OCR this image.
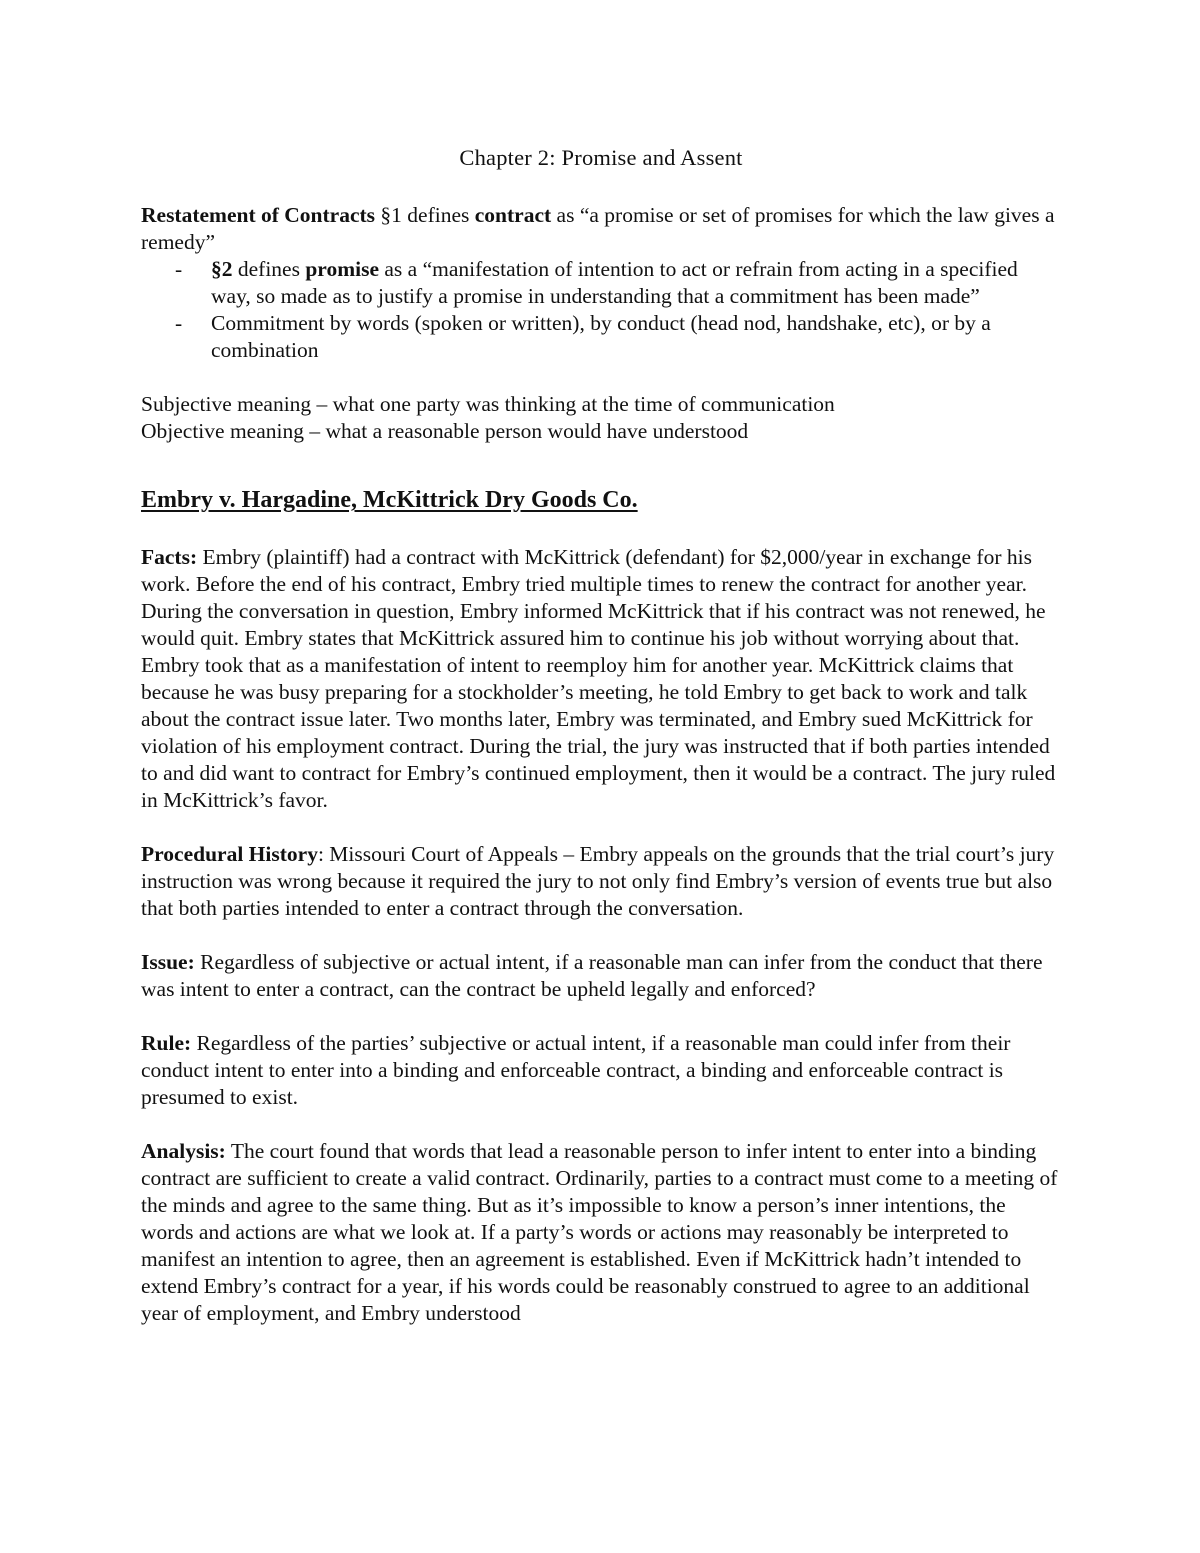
Chapter 2: Promise and Assent

Restatement of Contracts §1 defines contract as “a promise or set of promises for which the law gives a remedy”

- §2 defines promise as a “manifestation of intention to act or refrain from acting in a specified way, so made as to justify a promise in understanding that a commitment has been made”
- Commitment by words (spoken or written), by conduct (head nod, handshake, etc), or by a combination

Subjective meaning – what one party was thinking at the time of communication

Objective meaning – what a reasonable person would have understood

Embry v. Hargadine, McKittrick Dry Goods Co.

Facts: Embry (plaintiff) had a contract with McKittrick (defendant) for $2,000/year in exchange for his work. Before the end of his contract, Embry tried multiple times to renew the contract for another year. During the conversation in question, Embry informed McKittrick that if his contract was not renewed, he would quit. Embry states that McKittrick assured him to continue his job without worrying about that. Embry took that as a manifestation of intent to reemploy him for another year. McKittrick claims that because he was busy preparing for a stockholder’s meeting, he told Embry to get back to work and talk about the contract issue later. Two months later, Embry was terminated, and Embry sued McKittrick for violation of his employment contract. During the trial, the jury was instructed that if both parties intended to and did want to contract for Embry’s continued employment, then it would be a contract. The jury ruled in McKittrick’s favor.

Procedural History: Missouri Court of Appeals – Embry appeals on the grounds that the trial court’s jury instruction was wrong because it required the jury to not only find Embry’s version of events true but also that both parties intended to enter a contract through the conversation.

Issue: Regardless of subjective or actual intent, if a reasonable man can infer from the conduct that there was intent to enter a contract, can the contract be upheld legally and enforced?

Rule: Regardless of the parties’ subjective or actual intent, if a reasonable man could infer from their conduct intent to enter into a binding and enforceable contract, a binding and enforceable contract is presumed to exist.

Analysis: The court found that words that lead a reasonable person to infer intent to enter into a binding contract are sufficient to create a valid contract. Ordinarily, parties to a contract must come to a meeting of the minds and agree to the same thing. But as it’s impossible to know a person’s inner intentions, the words and actions are what we look at. If a party’s words or actions may reasonably be interpreted to manifest an intention to agree, then an agreement is established. Even if McKittrick hadn’t intended to extend Embry’s contract for a year, if his words could be reasonably construed to agree to an additional year of employment, and Embry understood
